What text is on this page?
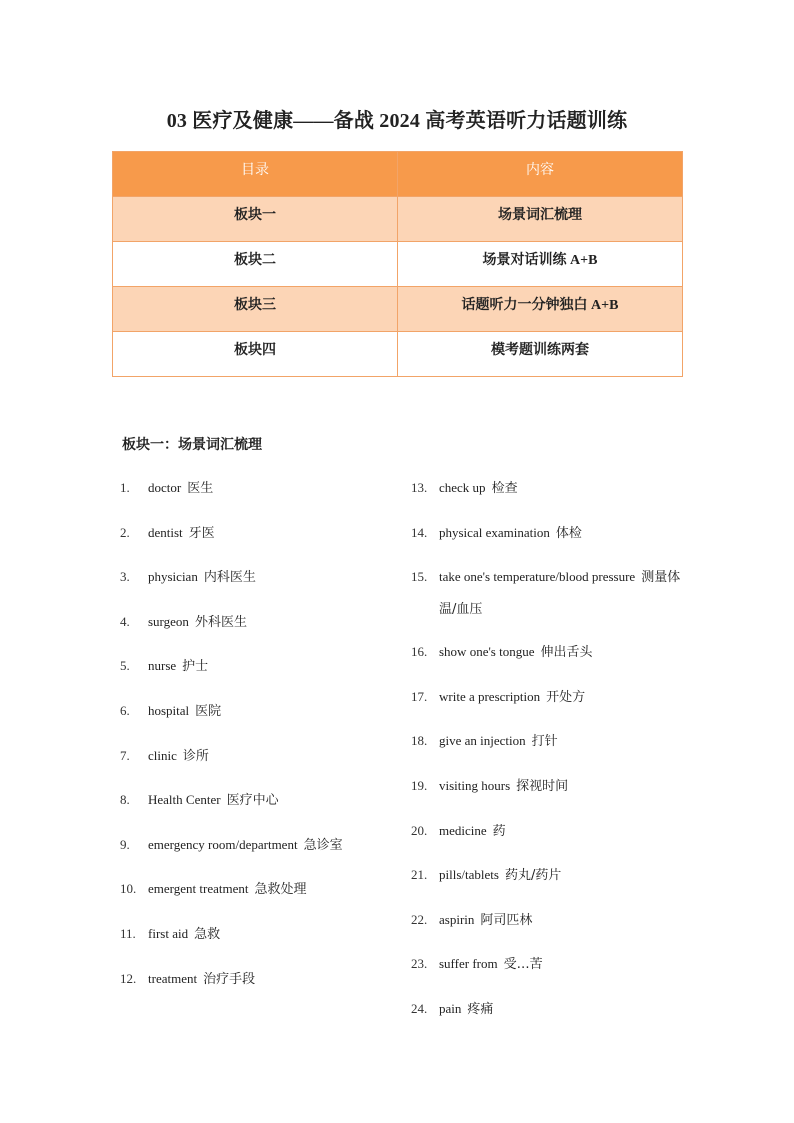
03 医疗及健康——备战 2024 高考英语听力话题训练
目录	内容
板块一	场景词汇梳理
板块二	场景对话训练 A+B
板块三	话题听力一分钟独白 A+B
板块四	模考题训练两套
板块一：场景词汇梳理
1.	doctor 医生
2.	dentist 牙医
3.	physician 内科医生
4.	surgeon 外科医生
5.	nurse 护士
6.	hospital 医院
7.	clinic 诊所
8.	Health Center 医疗中心
9.	emergency room/department 急诊室
10. emergent treatment 急救处理
11. first aid 急救
12. treatment 治疗手段
13. check up 检查
14. physical examination 体检
15. take one's temperature/blood pressure 测量体温/血压
16. show one's tongue 伸出舌头
17. write a prescription 开处方
18. give an injection 打针
19. visiting hours 探视时间
20. medicine 药
21. pills/tablets 药丸/药片
22. aspirin 阿司匹林
23. suffer from 受…苦
24. pain 疼痛
